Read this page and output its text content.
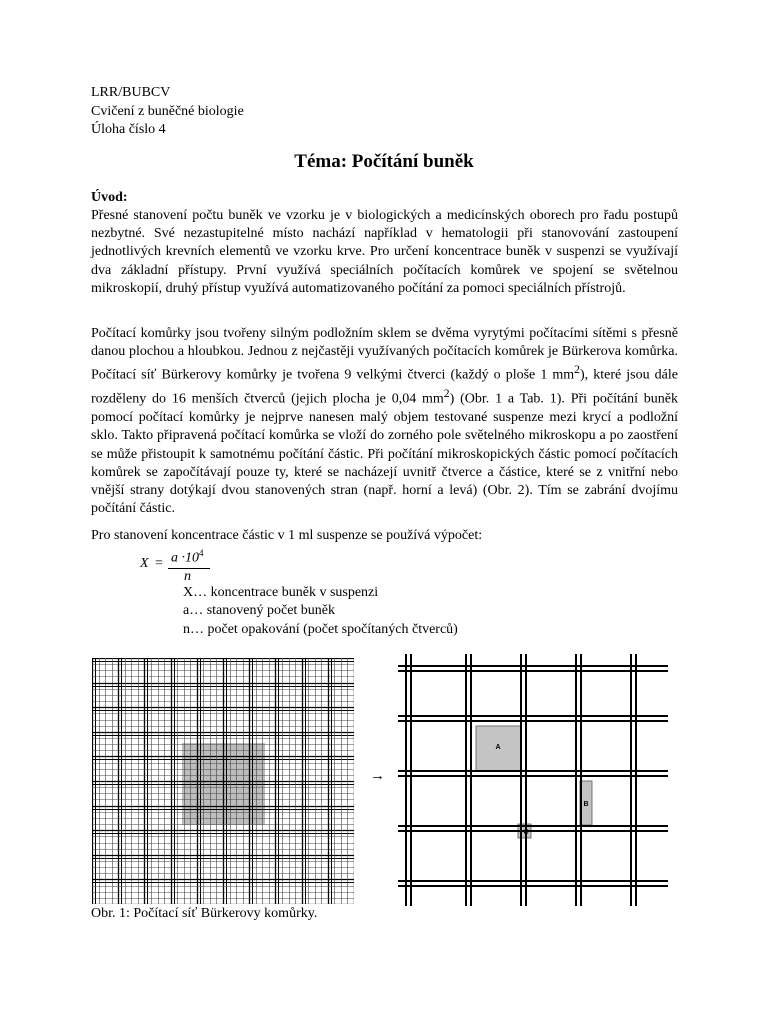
LRR/BUBCV
Cvičení z buněčné biologie
Úloha číslo 4
Téma: Počítání buněk
Úvod:
Přesné stanovení počtu buněk ve vzorku je v biologických a medicínských oborech pro řadu postupů nezbytné. Své nezastupitelné místo nachází například v hematologii při stanovování zastoupení jednotlivých krevních elementů ve vzorku krve. Pro určení koncentrace buněk v suspenzi se využívají dva základní přístupy. První využívá speciálních počítacích komůrek ve spojení se světelnou mikroskopií, druhý přístup využívá automatizovaného počítání za pomoci speciálních přístrojů.
Počítací komůrky jsou tvořeny silným podložním sklem se dvěma vyrytými počítacími sítěmi s přesně danou plochou a hloubkou. Jednou z nejčastěji využívaných počítacích komůrek je Bürkerova komůrka. Počítací síť Bürkerovy komůrky je tvořena 9 velkými čtverci (každý o ploše 1 $mm^2$), které jsou dále rozděleny do 16 menších čtverců (jejich plocha je 0,04 $mm^2$) (Obr. 1 a Tab. 1). Při počítání buněk pomocí počítací komůrky je nejprve nanesen malý objem testované suspenze mezi krycí a podložní sklo. Takto připravená počítací komůrka se vloží do zorného pole světelného mikroskopu a po zaostření se může přistoupit k samotnému počítání částic. Při počítání mikroskopických částic pomocí počítacích komůrek se započítávají pouze ty, které se nacházejí uvnitř čtverce a částice, které se z vnitřní nebo vnější strany dotýkají dvou stanovených stran (např. horní a levá) (Obr. 2). Tím se zabrání dvojímu počítání částic.
Pro stanovení koncentrace částic v 1 ml suspenze se používá výpočet:
$X = a \cdot 10^4$
n
X… koncentrace buněk v suspenzi
a… stanovený počet buněk
n… počet opakování (počet spočítaných čtverců)
→
A
B
C
Obr. 1: Počítací síť Bürkerovy komůrky.
